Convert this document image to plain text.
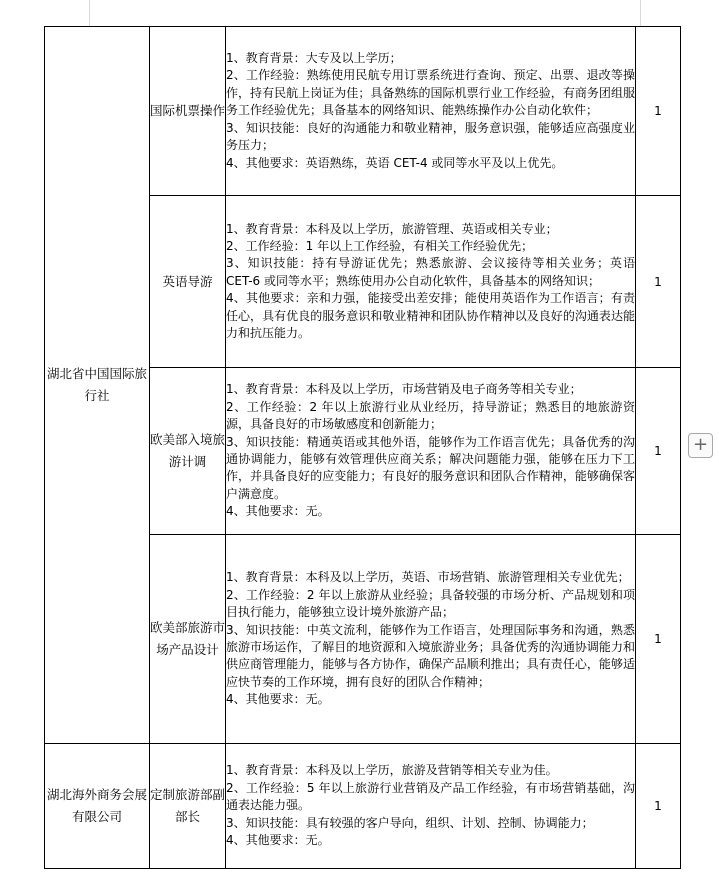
湖北省中国国际旅行社	国际机票操作	1、教育背景：大专及以上学历；

2、工作经验：熟练使用民航专用订票系统进行查询、预定、出票、退改等操作，持有民航上岗证为佳；具备熟练的国际机票行业工作经验，有商务团组服务工作经验优先；具备基本的网络知识、能熟练操作办公自动化软件；

3、知识技能：良好的沟通能力和敬业精神，服务意识强，能够适应高强度业务压力；

4、其他要求：英语熟练，英语 CET-4 或同等水平及以上优先。	1
	英语导游	1、教育背景：本科及以上学历，旅游管理、英语或相关专业；

2、工作经验：1 年以上工作经验，有相关工作经验优先；

3、知识技能：持有导游证优先；熟悉旅游、会议接待等相关业务；英语 CET-6 或同等水平；熟练使用办公自动化软件，具备基本的网络知识；

4、其他要求：亲和力强，能接受出差安排；能使用英语作为工作语言；有责任心，具有优良的服务意识和敬业精神和团队协作精神以及良好的沟通表达能力和抗压能力。	1
	欧美部入境旅游计调	1、教育背景：本科及以上学历，市场营销及电子商务等相关专业；

2、工作经验：2 年以上旅游行业从业经历，持导游证；熟悉目的地旅游资源，具备良好的市场敏感度和创新能力；

3、知识技能：精通英语或其他外语，能够作为工作语言优先；具备优秀的沟通协调能力，能够有效管理供应商关系；解决问题能力强，能够在压力下工作，并具备良好的应变能力；有良好的服务意识和团队合作精神，能够确保客户满意度。

4、其他要求：无。	1
	欧美部旅游市场产品设计	1、教育背景：本科及以上学历，英语、市场营销、旅游管理相关专业优先；

2、工作经验：2 年以上旅游从业经验；具备较强的市场分析、产品规划和项目执行能力，能够独立设计境外旅游产品；

3、知识技能：中英文流利，能够作为工作语言，处理国际事务和沟通，熟悉旅游市场运作，了解目的地资源和入境旅游业务；具备优秀的沟通协调能力和供应商管理能力，能够与各方协作，确保产品顺利推出；具有责任心，能够适应快节奏的工作环境，拥有良好的团队合作精神；

4、其他要求：无。	1
湖北海外商务会展有限公司	定制旅游部副部长	1、教育背景：本科及以上学历，旅游及营销等相关专业为佳。

2、工作经验：5 年以上旅游行业营销及产品工作经验，有市场营销基础，沟通表达能力强。

3、知识技能：具有较强的客户导向，组织、计划、控制、协调能力；

4、其他要求：无。	1
+
